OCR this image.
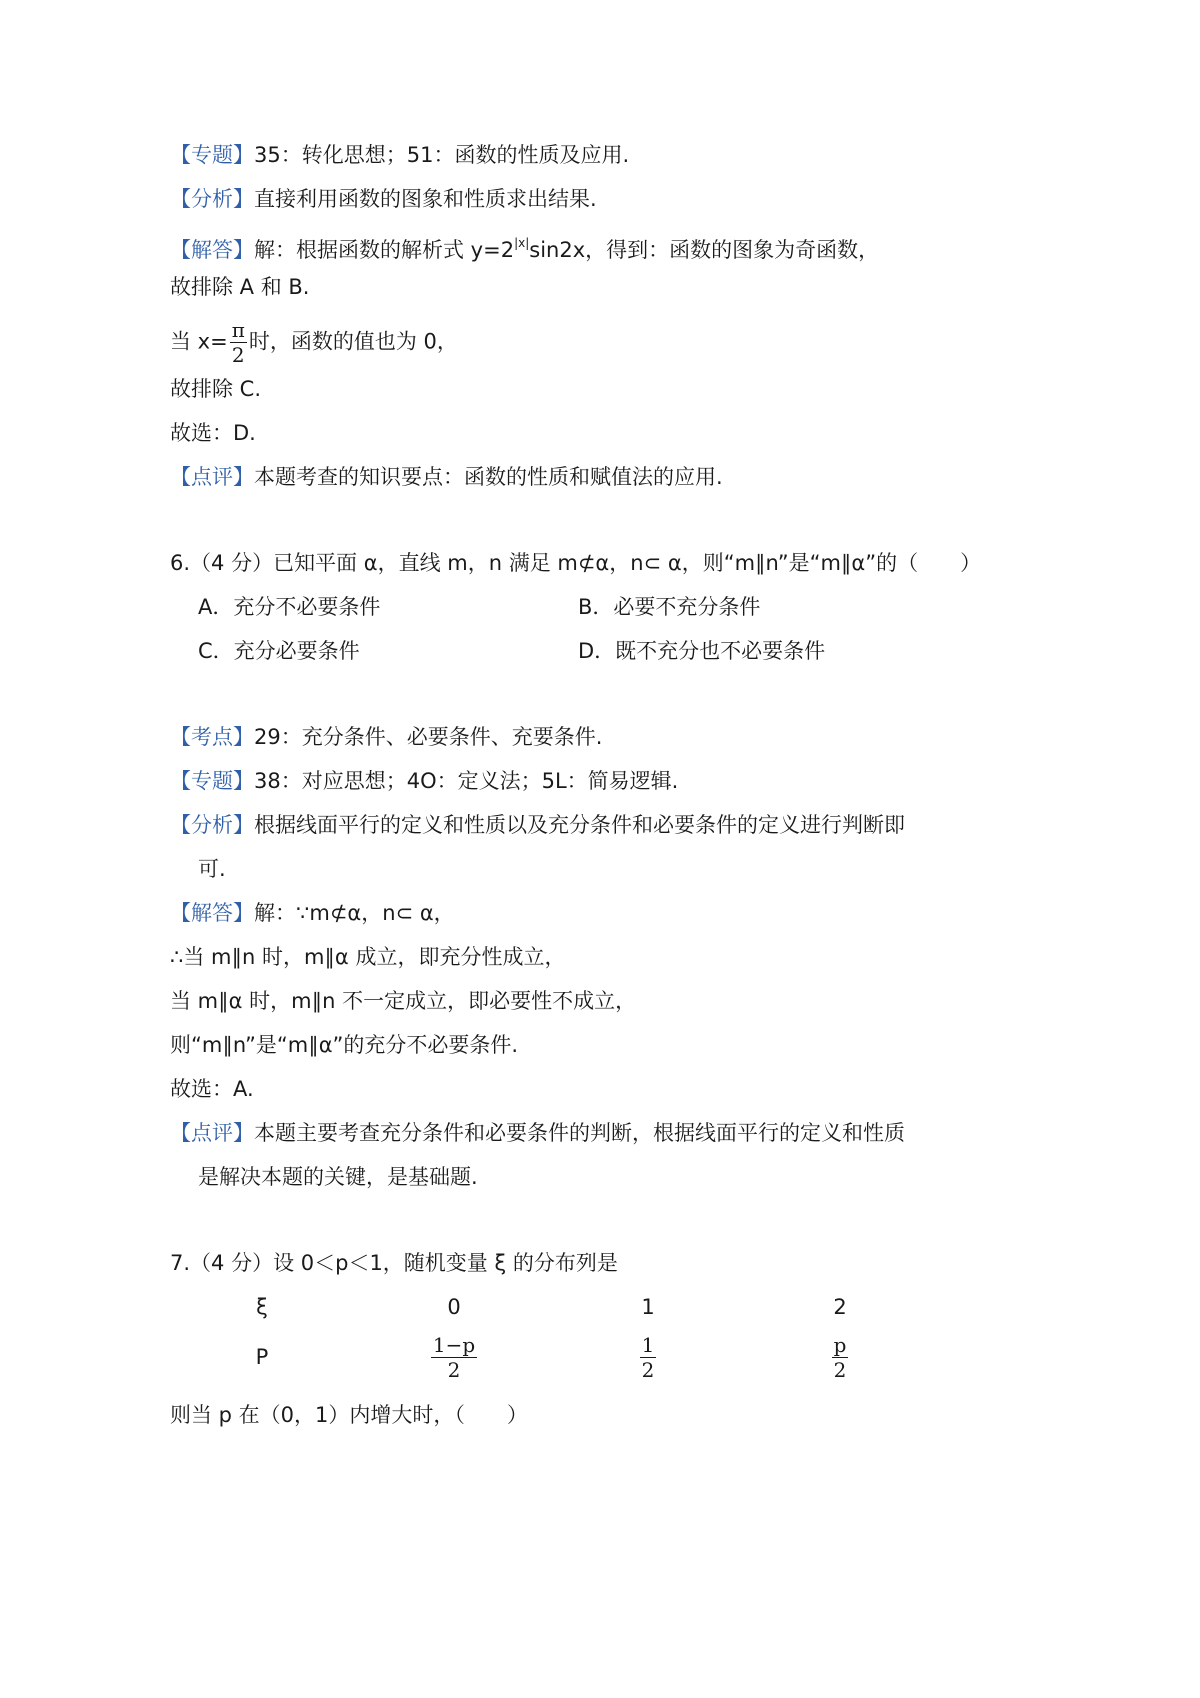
【专题】35：转化思想；51：函数的性质及应用.
【分析】直接利用函数的图象和性质求出结果.
【解答】解：根据函数的解析式 $y=2^{|x|}\sin 2x$，得到：函数的图象为奇函数，
故排除 A 和 B.
当 $x= \frac{\pi}{2}$ 时，函数的值也为 0，
故排除 C.
故选：D.
【点评】本题考查的知识要点：函数的性质和赋值法的应用.
6.（4 分）已知平面 α，直线 m，n 满足 m⊄α，n⊂ α，则“m∥n”是“m∥α”的（　　）
A．充分不必要条件	B．必要不充分条件
C．充分必要条件	D．既不充分也不必要条件
【考点】29：充分条件、必要条件、充要条件.
【专题】38：对应思想；4O：定义法；5L：简易逻辑.
【分析】根据线面平行的定义和性质以及充分条件和必要条件的定义进行判断即
可.
【解答】解：∵m⊄α，n⊂ α，
∴当 m∥n 时，m∥α 成立，即充分性成立，
当 m∥α 时，m∥n 不一定成立，即必要性不成立，
则“m∥n”是“m∥α”的充分不必要条件.
故选：A.
【点评】本题主要考查充分条件和必要条件的判断，根据线面平行的定义和性质
是解决本题的关键，是基础题.
7.（4 分）设 0＜p＜1，随机变量 ξ 的分布列是
ξ	0	1	2
P	$\frac{1-p}{2}$	$\frac{1}{2}$	$\frac{p}{2}$
则当 p 在（0，1）内增大时，（　　）
